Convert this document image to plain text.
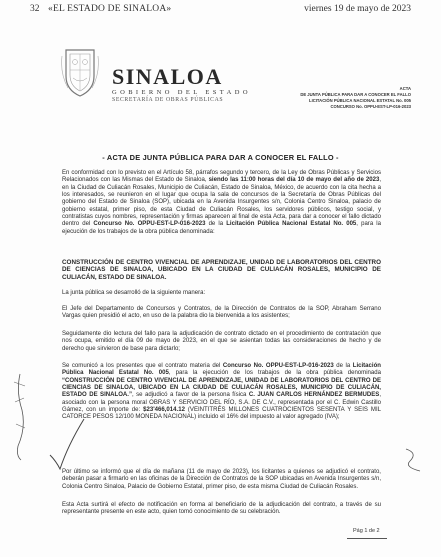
32 «EL ESTADO DE SINALOA»	viernes 19 de mayo de 2023
SINALOA
GOBIERNO DEL ESTADO
SECRETARÍA DE OBRAS PÚBLICAS
ACTA
DE JUNTA PÚBLICA PARA DAR A CONOCER EL FALLO
LICITACIÓN PÚBLICA NACIONAL ESTATAL No. 005
CONCURSO No. OPPU-EST-LP-016-2023
- ACTA DE JUNTA PÚBLICA PARA DAR A CONOCER EL FALLO -
En conformidad con lo previsto en el Artículo 58, párrafos segundo y tercero, de la Ley de Obras Públicas y Servicios Relacionados con las Mismas del Estado de Sinaloa, siendo las 11:00 horas del día 10 de mayo del año de 2023, en la Ciudad de Culiacán Rosales, Municipio de Culiacán, Estado de Sinaloa, México, de acuerdo con la cita hecha a los interesados, se reunieron en el lugar que ocupa la sala de concursos de la Secretaría de Obras Públicas del gobierno del Estado de Sinaloa (SOP), ubicada en la Avenida Insurgentes s/n, Colonia Centro Sinaloa, palacio de gobierno estatal, primer piso, de esta Ciudad de Culiacán Rosales, los servidores públicos, testigo social, y contratistas cuyos nombres, representación y firmas aparecen al final de esta Acta, para dar a conocer el fallo dictado dentro del Concurso No. OPPU-EST-LP-016-2023 de la Licitación Pública Nacional Estatal No. 005, para la ejecución de los trabajos de la obra pública denominada:
CONSTRUCCIÓN DE CENTRO VIVENCIAL DE APRENDIZAJE, UNIDAD DE LABORATORIOS DEL CENTRO DE CIENCIAS DE SINALOA, UBICADO EN LA CIUDAD DE CULIACÁN ROSALES, MUNICIPIO DE CULIACÁN, ESTADO DE SINALOA.
La junta pública se desarrolló de la siguiente manera:
El Jefe del Departamento de Concursos y Contratos, de la Dirección de Contratos de la SOP, Abraham Serrano Vargas quien presidió el acto, en uso de la palabra dio la bienvenida a los asistentes;
Seguidamente dio lectura del fallo para la adjudicación de contrato dictado en el procedimiento de contratación que nos ocupa, emitido el día 09 de mayo de 2023, en el que se asientan todas las consideraciones de hecho y de derecho que sirvieron de base para dictarlo;
Se comunicó a los presentes que el contrato materia del Concurso No. OPPU-EST-LP-016-2023 de la Licitación Pública Nacional Estatal No. 005, para la ejecución de los trabajos de la obra pública denominada “CONSTRUCCIÓN DE CENTRO VIVENCIAL DE APRENDIZAJE, UNIDAD DE LABORATORIOS DEL CENTRO DE CIENCIAS DE SINALOA, UBICADO EN LA CIUDAD DE CULIACÁN ROSALES, MUNICIPIO DE CULIACÁN, ESTADO DE SINALOA.”, se adjudicó a favor de la persona física C. JUAN CARLOS HERNÁNDEZ BERMUDES, asociado con la persona moral OBRAS Y SERVICIO DEL RÍO, S.A. DE C.V., representada por el C. Edwin Castillo Gámez, con un importe de: $23'466,014.12 (VEINTITRÉS MILLONES CUATROCIENTOS SESENTA Y SEIS MIL CATORCE PESOS 12/100 MONEDA NACIONAL) incluido el 16% del impuesto al valor agregado (IVA);
Por último se informó que el día de mañana (11 de mayo de 2023), los licitantes a quienes se adjudicó el contrato, deberán pasar a firmarlo en las oficinas de la Dirección de Contratos de la SOP ubicadas en Avenida Insurgentes s/n, Colonia Centro Sinaloa, Palacio de Gobierno Estatal, primer piso, de esta misma Ciudad de Culiacán Rosales.
Esta Acta surtirá el efecto de notificación en forma al beneficiario de la adjudicación del contrato, a través de su representante presente en este acto, quien tomó conocimiento de su celebración.
Pág 1 de 2
